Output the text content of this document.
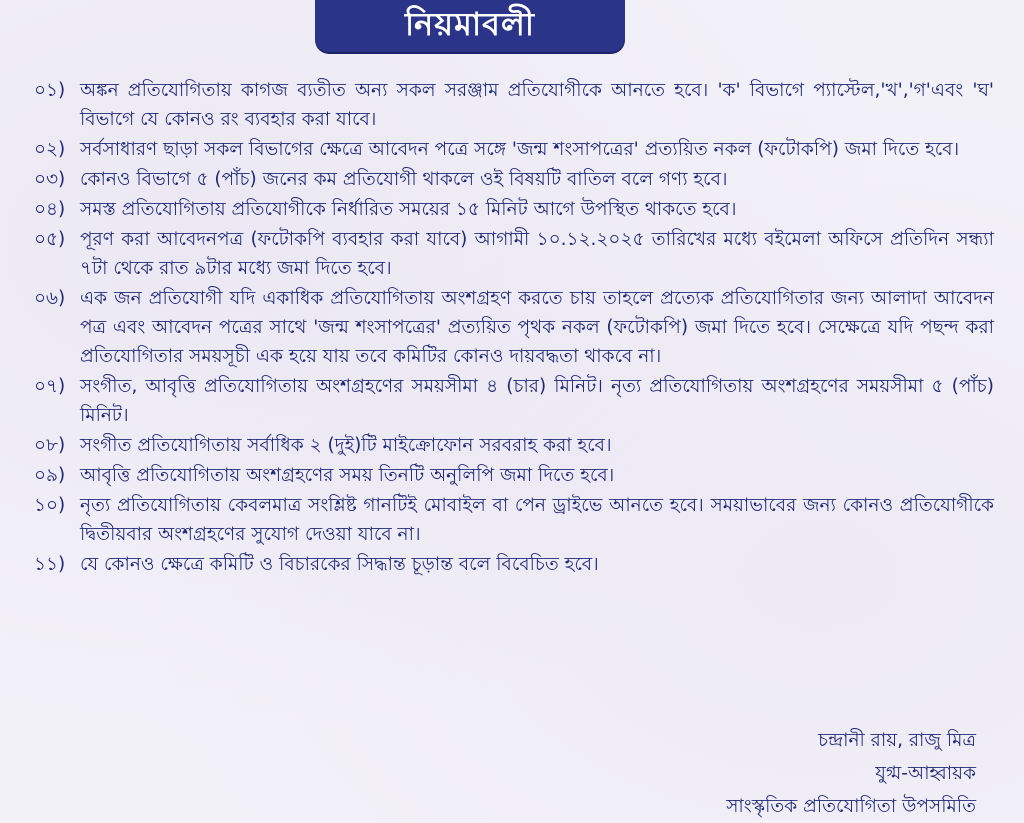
নিয়মাবলী
০১) অঙ্কন প্রতিযোগিতায় কাগজ ব্যতীত অন্য সকল সরঞ্জাম প্রতিযোগীকে আনতে হবে। 'ক' বিভাগে প্যাস্টেল,'খ','গ'এবং 'ঘ' বিভাগে যে কোনও রং ব্যবহার করা যাবে।
০২) সর্বসাধারণ ছাড়া সকল বিভাগের ক্ষেত্রে আবেদন পত্রে সঙ্গে 'জন্ম শংসাপত্রের' প্রত্যয়িত নকল (ফটোকপি) জমা দিতে হবে।
০৩) কোনও বিভাগে ৫ (পাঁচ) জনের কম প্রতিযোগী থাকলে ওই বিষয়টি বাতিল বলে গণ্য হবে।
০৪) সমস্ত প্রতিযোগিতায় প্রতিযোগীকে নির্ধারিত সময়ের ১৫ মিনিট আগে উপস্থিত থাকতে হবে।
০৫) পূরণ করা আবেদনপত্র (ফটোকপি ব্যবহার করা যাবে) আগামী ১০.১২.২০২৫ তারিখের মধ্যে বইমেলা অফিসে প্রতিদিন সন্ধ্যা ৭টা থেকে রাত ৯টার মধ্যে জমা দিতে হবে।
০৬) এক জন প্রতিযোগী যদি একাধিক প্রতিযোগিতায় অংশগ্রহণ করতে চায় তাহলে প্রত্যেক প্রতিযোগিতার জন্য আলাদা আবেদন পত্র এবং আবেদন পত্রের সাথে 'জন্ম শংসাপত্রের' প্রত্যয়িত পৃথক নকল (ফটোকপি) জমা দিতে হবে। সেক্ষেত্রে যদি পছন্দ করা প্রতিযোগিতার সময়সূচী এক হয়ে যায় তবে কমিটির কোনও দায়বদ্ধতা থাকবে না।
০৭) সংগীত, আবৃত্তি প্রতিযোগিতায় অংশগ্রহণের সময়সীমা ৪ (চার) মিনিট। নৃত্য প্রতিযোগিতায় অংশগ্রহণের সময়সীমা ৫ (পাঁচ) মিনিট।
০৮) সংগীত প্রতিযোগিতায় সর্বাধিক ২ (দুই)টি মাইক্রোফোন সরবরাহ করা হবে।
০৯) আবৃত্তি প্রতিযোগিতায় অংশগ্রহণের সময় তিনটি অনুলিপি জমা দিতে হবে।
১০) নৃত্য প্রতিযোগিতায় কেবলমাত্র সংশ্লিষ্ট গানটিই মোবাইল বা পেন ড্রাইভে আনতে হবে। সময়াভাবের জন্য কোনও প্রতিযোগীকে দ্বিতীয়বার অংশগ্রহণের সুযোগ দেওয়া যাবে না।
১১) যে কোনও ক্ষেত্রে কমিটি ও বিচারকের সিদ্ধান্ত চূড়ান্ত বলে বিবেচিত হবে।
চন্দ্রানী রায়, রাজু মিত্র
যুগ্ম-আহ্বায়ক
সাংস্কৃতিক প্রতিযোগিতা উপসমিতি
